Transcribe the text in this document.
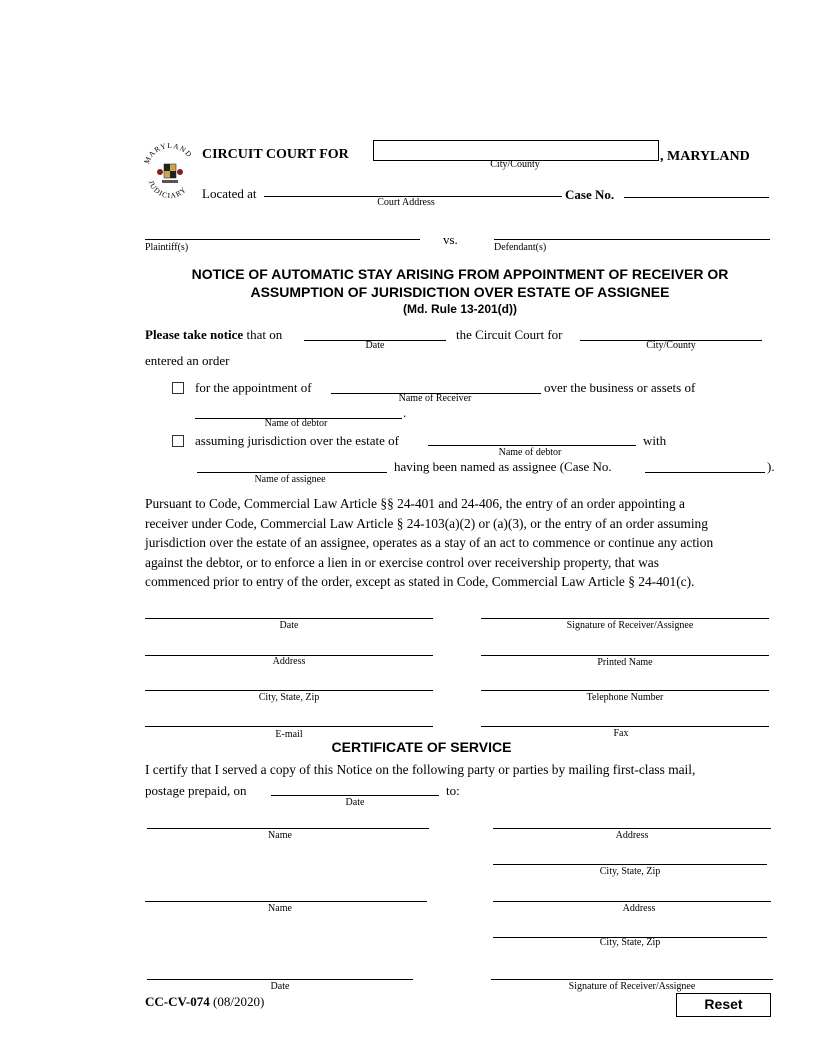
MARYLAND
JUDICIARY
CIRCUIT COURT FOR
City/County
, MARYLAND
Located at
Court Address
Case No.
Plaintiff(s)
vs.
Defendant(s)
NOTICE OF AUTOMATIC STAY ARISING FROM APPOINTMENT OF RECEIVER OR
ASSUMPTION OF JURISDICTION OVER ESTATE OF ASSIGNEE
(Md. Rule 13-201(d))
Please take notice that on
Date
the Circuit Court for
City/County
entered an order
for the appointment of
Name of Receiver
over the business or assets of
.
Name of debtor
assuming jurisdiction over the estate of
Name of debtor
with
having been named as assignee (Case No.	).
Name of assignee
Pursuant to Code, Commercial Law Article §§ 24-401 and 24-406, the entry of an order appointing a
receiver under Code, Commercial Law Article § 24-103(a)(2) or (a)(3), or the entry of an order assuming
jurisdiction over the estate of an assignee, operates as a stay of an act to commence or continue any action
against the debtor, or to enforce a lien in or exercise control over receivership property, that was
commenced prior to entry of the order, except as stated in Code, Commercial Law Article § 24-401(c).
Date	Signature of Receiver/Assignee
Address	Printed Name
City, State, Zip	Telephone Number
E-mail	Fax
CERTIFICATE OF SERVICE
I certify that I served a copy of this Notice on the following party or parties by mailing first-class mail,
postage prepaid, on	to:
Date
Name	Address
City, State, Zip
Name	Address
City, State, Zip
Date	Signature of Receiver/Assignee
CC-CV-074 (08/2020)	Reset
